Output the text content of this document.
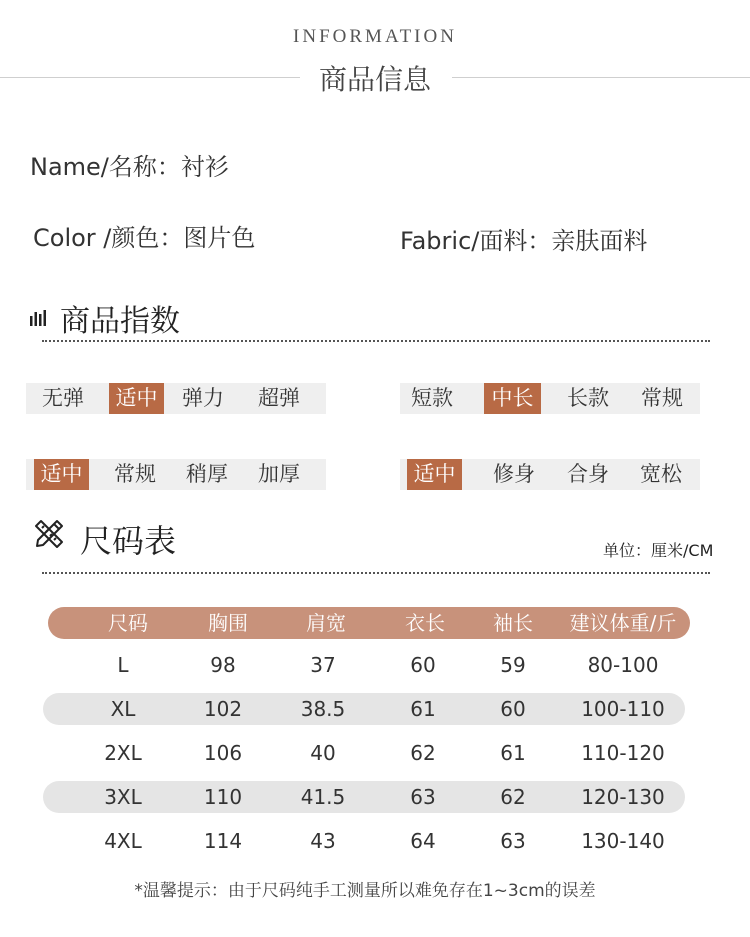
INFORMATION
商品信息
Name/名称：衬衫
Color /颜色：图片色	Fabric/面料：亲肤面料
商品指数
无弹	适中	弹力	超弹	短款	中长	长款	常规
适中	常规	稍厚	加厚	适中	修身	合身	宽松
尺码表	单位：厘米/CM
尺码	胸围	肩宽	衣长	袖长	建议体重/斤
L	98	37	60	59	80-100
XL	102	38.5	61	60	100-110
2XL	106	40	62	61	110-120
3XL	110	41.5	63	62	120-130
4XL	114	43	64	63	130-140
*温馨提示：由于尺码纯手工测量所以难免存在1~3cm的误差
